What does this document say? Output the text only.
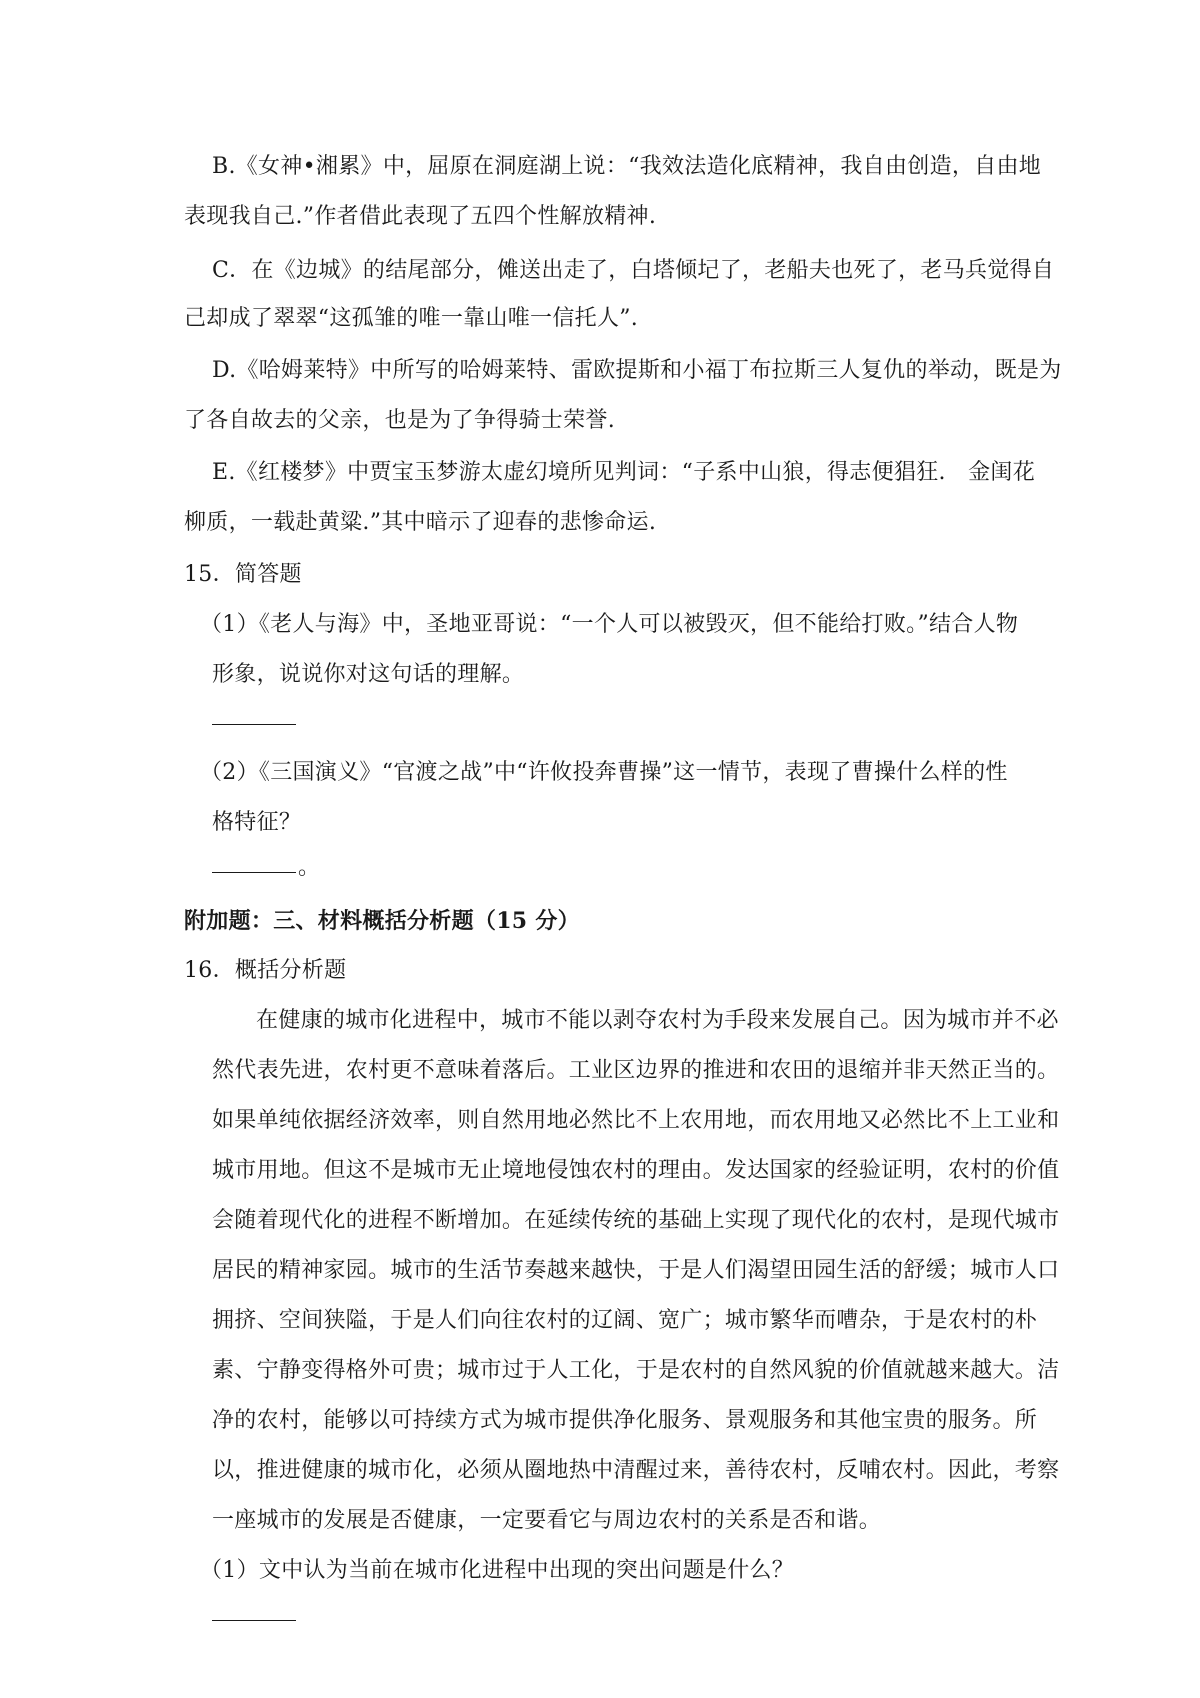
B.《女神•湘累》中，屈原在洞庭湖上说：“我效法造化底精神，我自由创造，自由地
表现我自己.”作者借此表现了五四个性解放精神.
C．在《边城》的结尾部分，傩送出走了，白塔倾圮了，老船夫也死了，老马兵觉得自
己却成了翠翠“这孤雏的唯一靠山唯一信托人”.
D.《哈姆莱特》中所写的哈姆莱特、雷欧提斯和小福丁布拉斯三人复仇的举动，既是为
了各自故去的父亲，也是为了争得骑士荣誉.
E.《红楼梦》中贾宝玉梦游太虚幻境所见判词：“子系中山狼，得志便猖狂.　金闺花
柳质，一载赴黄粱.”其中暗示了迎春的悲惨命运.
15．简答题
（1）《老人与海》中，圣地亚哥说：“一个人可以被毁灭，但不能给打败。”结合人物
形象，说说你对这句话的理解。
（2）《三国演义》“官渡之战”中“许攸投奔曹操”这一情节，表现了曹操什么样的性
格特征？
。
附加题：三、材料概括分析题（15 分）
16．概括分析题
在健康的城市化进程中，城市不能以剥夺农村为手段来发展自己。因为城市并不必
然代表先进，农村更不意味着落后。工业区边界的推进和农田的退缩并非天然正当的。
如果单纯依据经济效率，则自然用地必然比不上农用地，而农用地又必然比不上工业和
城市用地。但这不是城市无止境地侵蚀农村的理由。发达国家的经验证明，农村的价值
会随着现代化的进程不断增加。在延续传统的基础上实现了现代化的农村，是现代城市
居民的精神家园。城市的生活节奏越来越快，于是人们渴望田园生活的舒缓；城市人口
拥挤、空间狭隘，于是人们向往农村的辽阔、宽广；城市繁华而嘈杂，于是农村的朴
素、宁静变得格外可贵；城市过于人工化，于是农村的自然风貌的价值就越来越大。洁
净的农村，能够以可持续方式为城市提供净化服务、景观服务和其他宝贵的服务。所
以，推进健康的城市化，必须从圈地热中清醒过来，善待农村，反哺农村。因此，考察
一座城市的发展是否健康，一定要看它与周边农村的关系是否和谐。
（1）文中认为当前在城市化进程中出现的突出问题是什么？
